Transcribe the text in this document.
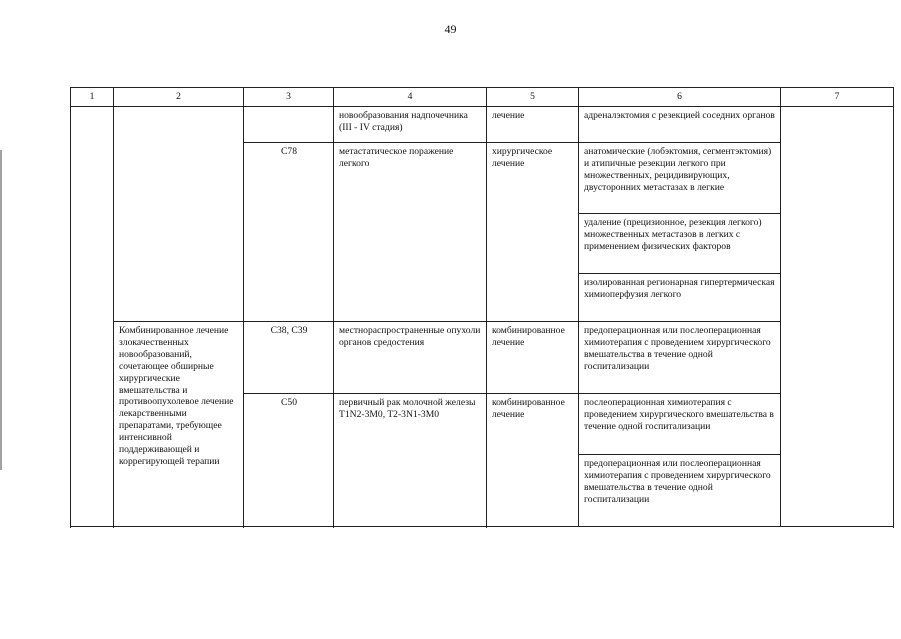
49
1	2	3	4	5	6	7
			новообразования надпочечника (III - IV стадия)	лечение	адреналэктомия с резекцией соседних органов	
		C78	метастатическое поражение легкого	хирургическое лечение	анатомические (лобэктомия, сегментэктомия) и атипичные резекции легкого при множественных, рецидивирующих, двусторонних метастазах в легкие	
					удаление (прецизионное, резекция легкого) множественных метастазов в легких с применением физических факторов	
					изолированная регионарная гипертермическая химиоперфузия легкого	
	Комбинированное лечение злокачественных новообразований, сочетающее обширные хирургические вмешательства и противоопухолевое лечение лекарственными препаратами, требующее интенсивной поддерживающей и коррегирующей терапии	C38, C39	местнораспространенные опухоли органов средостения	комбинированное лечение	предоперационная или послеоперационная химиотерапия с проведением хирургического вмешательства в течение одной госпитализации	
		C50	первичный рак молочной железы T1N2-3M0, T2-3N1-3M0	комбинированное лечение	послеоперационная химиотерапия с проведением хирургического вмешательства в течение одной госпитализации	
					предоперационная или послеоперационная химиотерапия с проведением хирургического вмешательства в течение одной госпитализации	
